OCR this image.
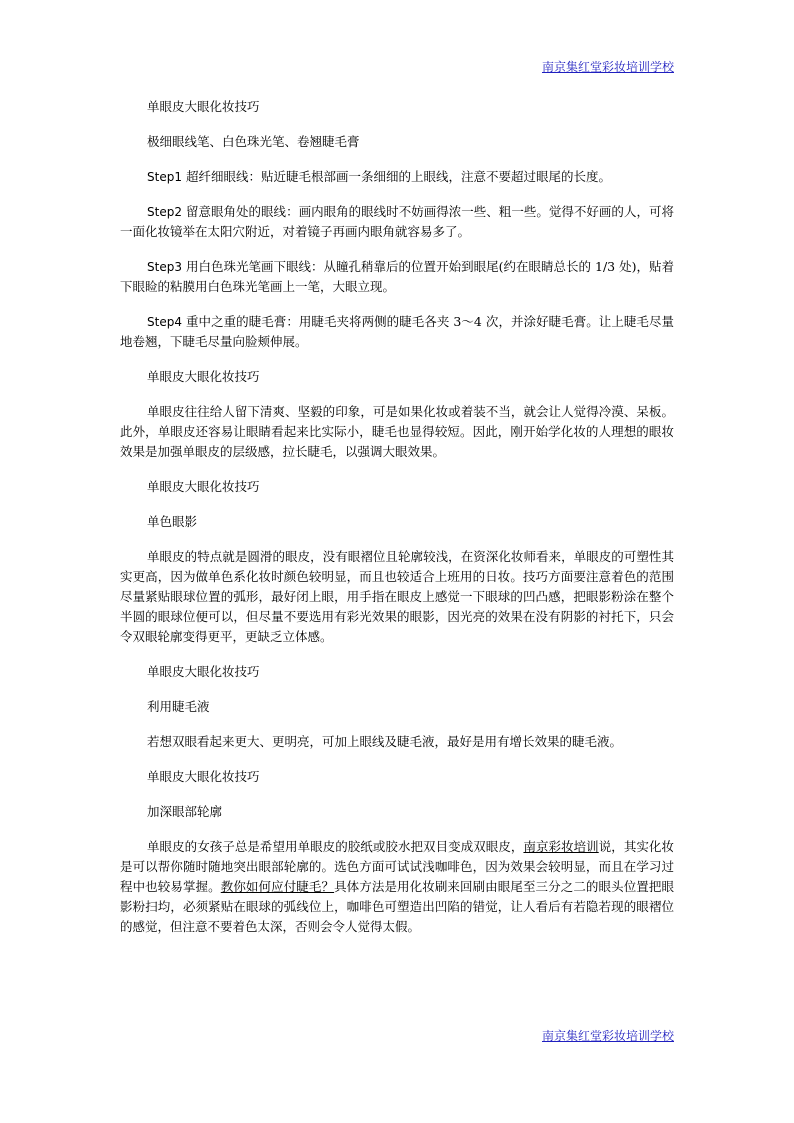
南京集红堂彩妆培训学校
单眼皮大眼化妆技巧
极细眼线笔、白色珠光笔、卷翘睫毛膏
Step1 超纤细眼线：贴近睫毛根部画一条细细的上眼线，注意不要超过眼尾的长度。
Step2 留意眼角处的眼线：画内眼角的眼线时不妨画得浓一些、粗一些。觉得不好画的人，可将一面化妆镜举在太阳穴附近，对着镜子再画内眼角就容易多了。
Step3 用白色珠光笔画下眼线：从瞳孔稍靠后的位置开始到眼尾(约在眼睛总长的 1/3 处)，贴着下眼睑的粘膜用白色珠光笔画上一笔，大眼立现。
Step4 重中之重的睫毛膏：用睫毛夹将两侧的睫毛各夹 3～4 次，并涂好睫毛膏。让上睫毛尽量地卷翘，下睫毛尽量向脸颊伸展。
单眼皮大眼化妆技巧
单眼皮往往给人留下清爽、坚毅的印象，可是如果化妆或着装不当，就会让人觉得冷漠、呆板。此外，单眼皮还容易让眼睛看起来比实际小，睫毛也显得较短。因此，刚开始学化妆的人理想的眼妆效果是加强单眼皮的层级感，拉长睫毛，以强调大眼效果。
单眼皮大眼化妆技巧
单色眼影
单眼皮的特点就是圆滑的眼皮，没有眼褶位且轮廓较浅，在资深化妆师看来，单眼皮的可塑性其实更高，因为做单色系化妆时颜色较明显，而且也较适合上班用的日妆。技巧方面要注意着色的范围尽量紧贴眼球位置的弧形，最好闭上眼，用手指在眼皮上感觉一下眼球的凹凸感，把眼影粉涂在整个半圆的眼球位便可以，但尽量不要选用有彩光效果的眼影，因光亮的效果在没有阴影的衬托下，只会令双眼轮廓变得更平，更缺乏立体感。
单眼皮大眼化妆技巧
利用睫毛液
若想双眼看起来更大、更明亮，可加上眼线及睫毛液，最好是用有增长效果的睫毛液。
单眼皮大眼化妆技巧
加深眼部轮廓
单眼皮的女孩子总是希望用单眼皮的胶纸或胶水把双目变成双眼皮，南京彩妆培训说，其实化妆是可以帮你随时随地突出眼部轮廓的。选色方面可试试浅咖啡色，因为效果会较明显，而且在学习过程中也较易掌握。教你如何应付睫毛？具体方法是用化妆刷来回刷由眼尾至三分之二的眼头位置把眼影粉扫均，必须紧贴在眼球的弧线位上，咖啡色可塑造出凹陷的错觉，让人看后有若隐若现的眼褶位的感觉，但注意不要着色太深，否则会令人觉得太假。
南京集红堂彩妆培训学校
